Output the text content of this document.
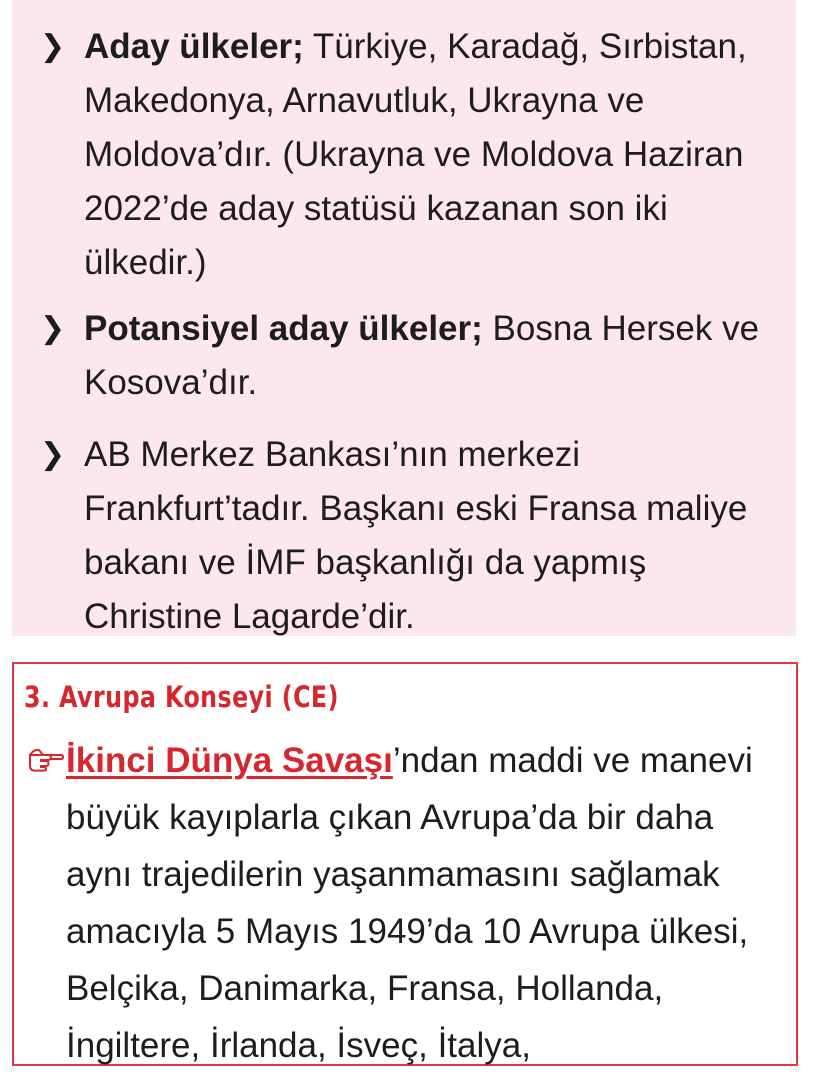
❯ Aday ülkeler; Türkiye, Karadağ, Sırbistan, Makedonya, Arnavutluk, Ukrayna ve Moldova’dır. (Ukrayna ve Moldova Haziran 2022’de aday statüsü kazanan son iki ülkedir.)
❯ Potansiyel aday ülkeler; Bosna Hersek ve Kosova’dır.
❯ AB Merkez Bankası’nın merkezi Frankfurt’tadır. Başkanı eski Fransa maliye bakanı ve İMF başkanlığı da yapmış Christine Lagarde’dir.
3. Avrupa Konseyi (CE)
İkinci Dünya Savaşı’ndan maddi ve manevi büyük kayıplarla çıkan Avrupa’da bir daha aynı trajedilerin yaşanmamasını sağlamak amacıyla 5 Mayıs 1949’da 10 Avrupa ülkesi, Belçika, Danimarka, Fransa, Hollanda, İngiltere, İrlanda, İsveç, İtalya,
